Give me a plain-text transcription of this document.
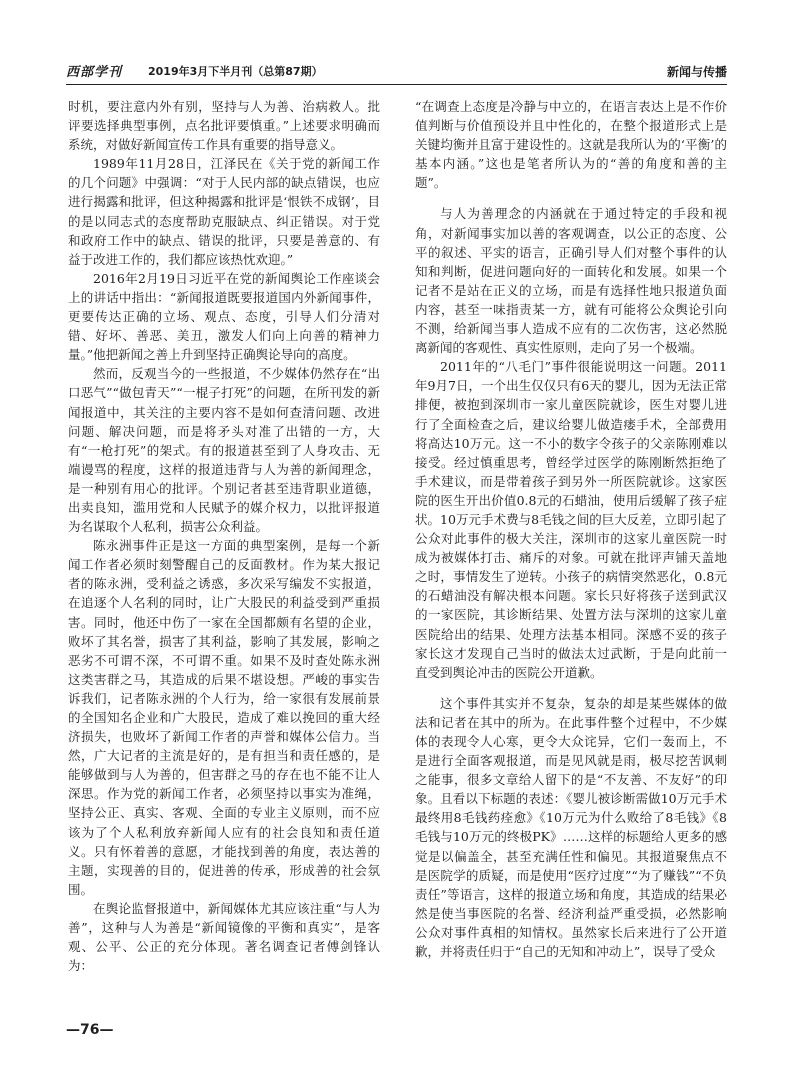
西部学刊 2019年3月下半月刊（总第87期）	新闻与传播

时机，要注意内外有别，坚持与人为善、治病救人。批评要选择典型事例，点名批评要慎重。”上述要求明确而系统，对做好新闻宣传工作具有重要的指导意义。

1989年11月28日，江泽民在《关于党的新闻工作的几个问题》中强调：“对于人民内部的缺点错误，也应进行揭露和批评，但这种揭露和批评是‘恨铁不成钢’，目的是以同志式的态度帮助克服缺点、纠正错误。对于党和政府工作中的缺点、错误的批评，只要是善意的、有益于改进工作的，我们都应该热忱欢迎。”

2016年2月19日习近平在党的新闻舆论工作座谈会上的讲话中指出：“新闻报道既要报道国内外新闻事件，更要传达正确的立场、观点、态度，引导人们分清对错、好坏、善恶、美丑，激发人们向上向善的精神力量。”他把新闻之善上升到坚持正确舆论导向的高度。

然而，反观当今的一些报道，不少媒体仍然存在“出口恶气”“做包青天”“一棍子打死”的问题，在所刊发的新闻报道中，其关注的主要内容不是如何查清问题、改进问题、解决问题，而是将矛头对准了出错的一方，大有“一枪打死”的架式。有的报道甚至到了人身攻击、无端谩骂的程度，这样的报道违背与人为善的新闻理念，是一种别有用心的批评。个别记者甚至违背职业道德，出卖良知，滥用党和人民赋予的媒介权力，以批评报道为名谋取个人私利，损害公众利益。

陈永洲事件正是这一方面的典型案例，是每一个新闻工作者必须时刻警醒自己的反面教材。作为某大报记者的陈永洲，受利益之诱惑，多次采写编发不实报道，在追逐个人名利的同时，让广大股民的利益受到严重损害。同时，他还中伤了一家在全国都颇有名望的企业，败坏了其名誉，损害了其利益，影响了其发展，影响之恶劣不可谓不深，不可谓不重。如果不及时查处陈永洲这类害群之马，其造成的后果不堪设想。严峻的事实告诉我们，记者陈永洲的个人行为，给一家很有发展前景的全国知名企业和广大股民，造成了难以挽回的重大经济损失，也败坏了新闻工作者的声誉和媒体公信力。当然，广大记者的主流是好的，是有担当和责任感的，是能够做到与人为善的，但害群之马的存在也不能不让人深思。作为党的新闻工作者，必须坚持以事实为准绳，坚持公正、真实、客观、全面的专业主义原则，而不应该为了个人私利放弃新闻人应有的社会良知和责任道义。只有怀着善的意愿，才能找到善的角度，表达善的主题，实现善的目的，促进善的传承，形成善的社会氛围。

在舆论监督报道中，新闻媒体尤其应该注重“与人为善”，这种与人为善是“新闻镜像的平衡和真实”，是客观、公平、公正的充分体现。著名调查记者傅剑锋认为：

“在调查上态度是冷静与中立的，在语言表达上是不作价值判断与价值预设并且中性化的，在整个报道形式上是关键均衡并且富于建设性的。这就是我所认为的‘平衡’的基本内涵。”这也是笔者所认为的“善的角度和善的主题”。

与人为善理念的内涵就在于通过特定的手段和视角，对新闻事实加以善的客观调查，以公正的态度、公平的叙述、平实的语言，正确引导人们对整个事件的认知和判断，促进问题向好的一面转化和发展。如果一个记者不是站在正义的立场，而是有选择性地只报道负面内容，甚至一味指责某一方，就有可能将公众舆论引向不测，给新闻当事人造成不应有的二次伤害，这必然脱离新闻的客观性、真实性原则，走向了另一个极端。

2011年的“八毛门”事件很能说明这一问题。2011年9月7日，一个出生仅仅只有6天的婴儿，因为无法正常排便，被抱到深圳市一家儿童医院就诊，医生对婴儿进行了全面检查之后，建议给婴儿做造瘘手术，全部费用将高达10万元。这一不小的数字令孩子的父亲陈刚难以接受。经过慎重思考，曾经学过医学的陈刚断然拒绝了手术建议，而是带着孩子到另外一所医院就诊。这家医院的医生开出价值0.8元的石蜡油，使用后缓解了孩子症状。10万元手术费与8毛钱之间的巨大反差，立即引起了公众对此事件的极大关注，深圳市的这家儿童医院一时成为被媒体打击、痛斥的对象。可就在批评声铺天盖地之时，事情发生了逆转。小孩子的病情突然恶化，0.8元的石蜡油没有解决根本问题。家长只好将孩子送到武汉的一家医院，其诊断结果、处置方法与深圳的这家儿童医院给出的结果、处理方法基本相同。深感不妥的孩子家长这才发现自己当时的做法太过武断，于是向此前一直受到舆论冲击的医院公开道歉。

这个事件其实并不复杂，复杂的却是某些媒体的做法和记者在其中的所为。在此事件整个过程中，不少媒体的表现令人心寒，更令大众诧异，它们一轰而上，不是进行全面客观报道，而是见风就是雨，极尽挖苦讽刺之能事，很多文章给人留下的是“不友善、不友好”的印象。且看以下标题的表述：《婴儿被诊断需做10万元手术 最终用8毛钱药痊愈》《10万元为什么败给了8毛钱》《8毛钱与10万元的终极PK》……这样的标题给人更多的感觉是以偏盖全，甚至充满任性和偏见。其报道聚焦点不是医院学的质疑，而是使用“医疗过度”“为了赚钱”“不负责任”等语言，这样的报道立场和角度，其造成的结果必然是使当事医院的名誉、经济利益严重受损，必然影响公众对事件真相的知情权。虽然家长后来进行了公开道歉，并将责任归于“自己的无知和冲动上”，误导了受众

—76—
